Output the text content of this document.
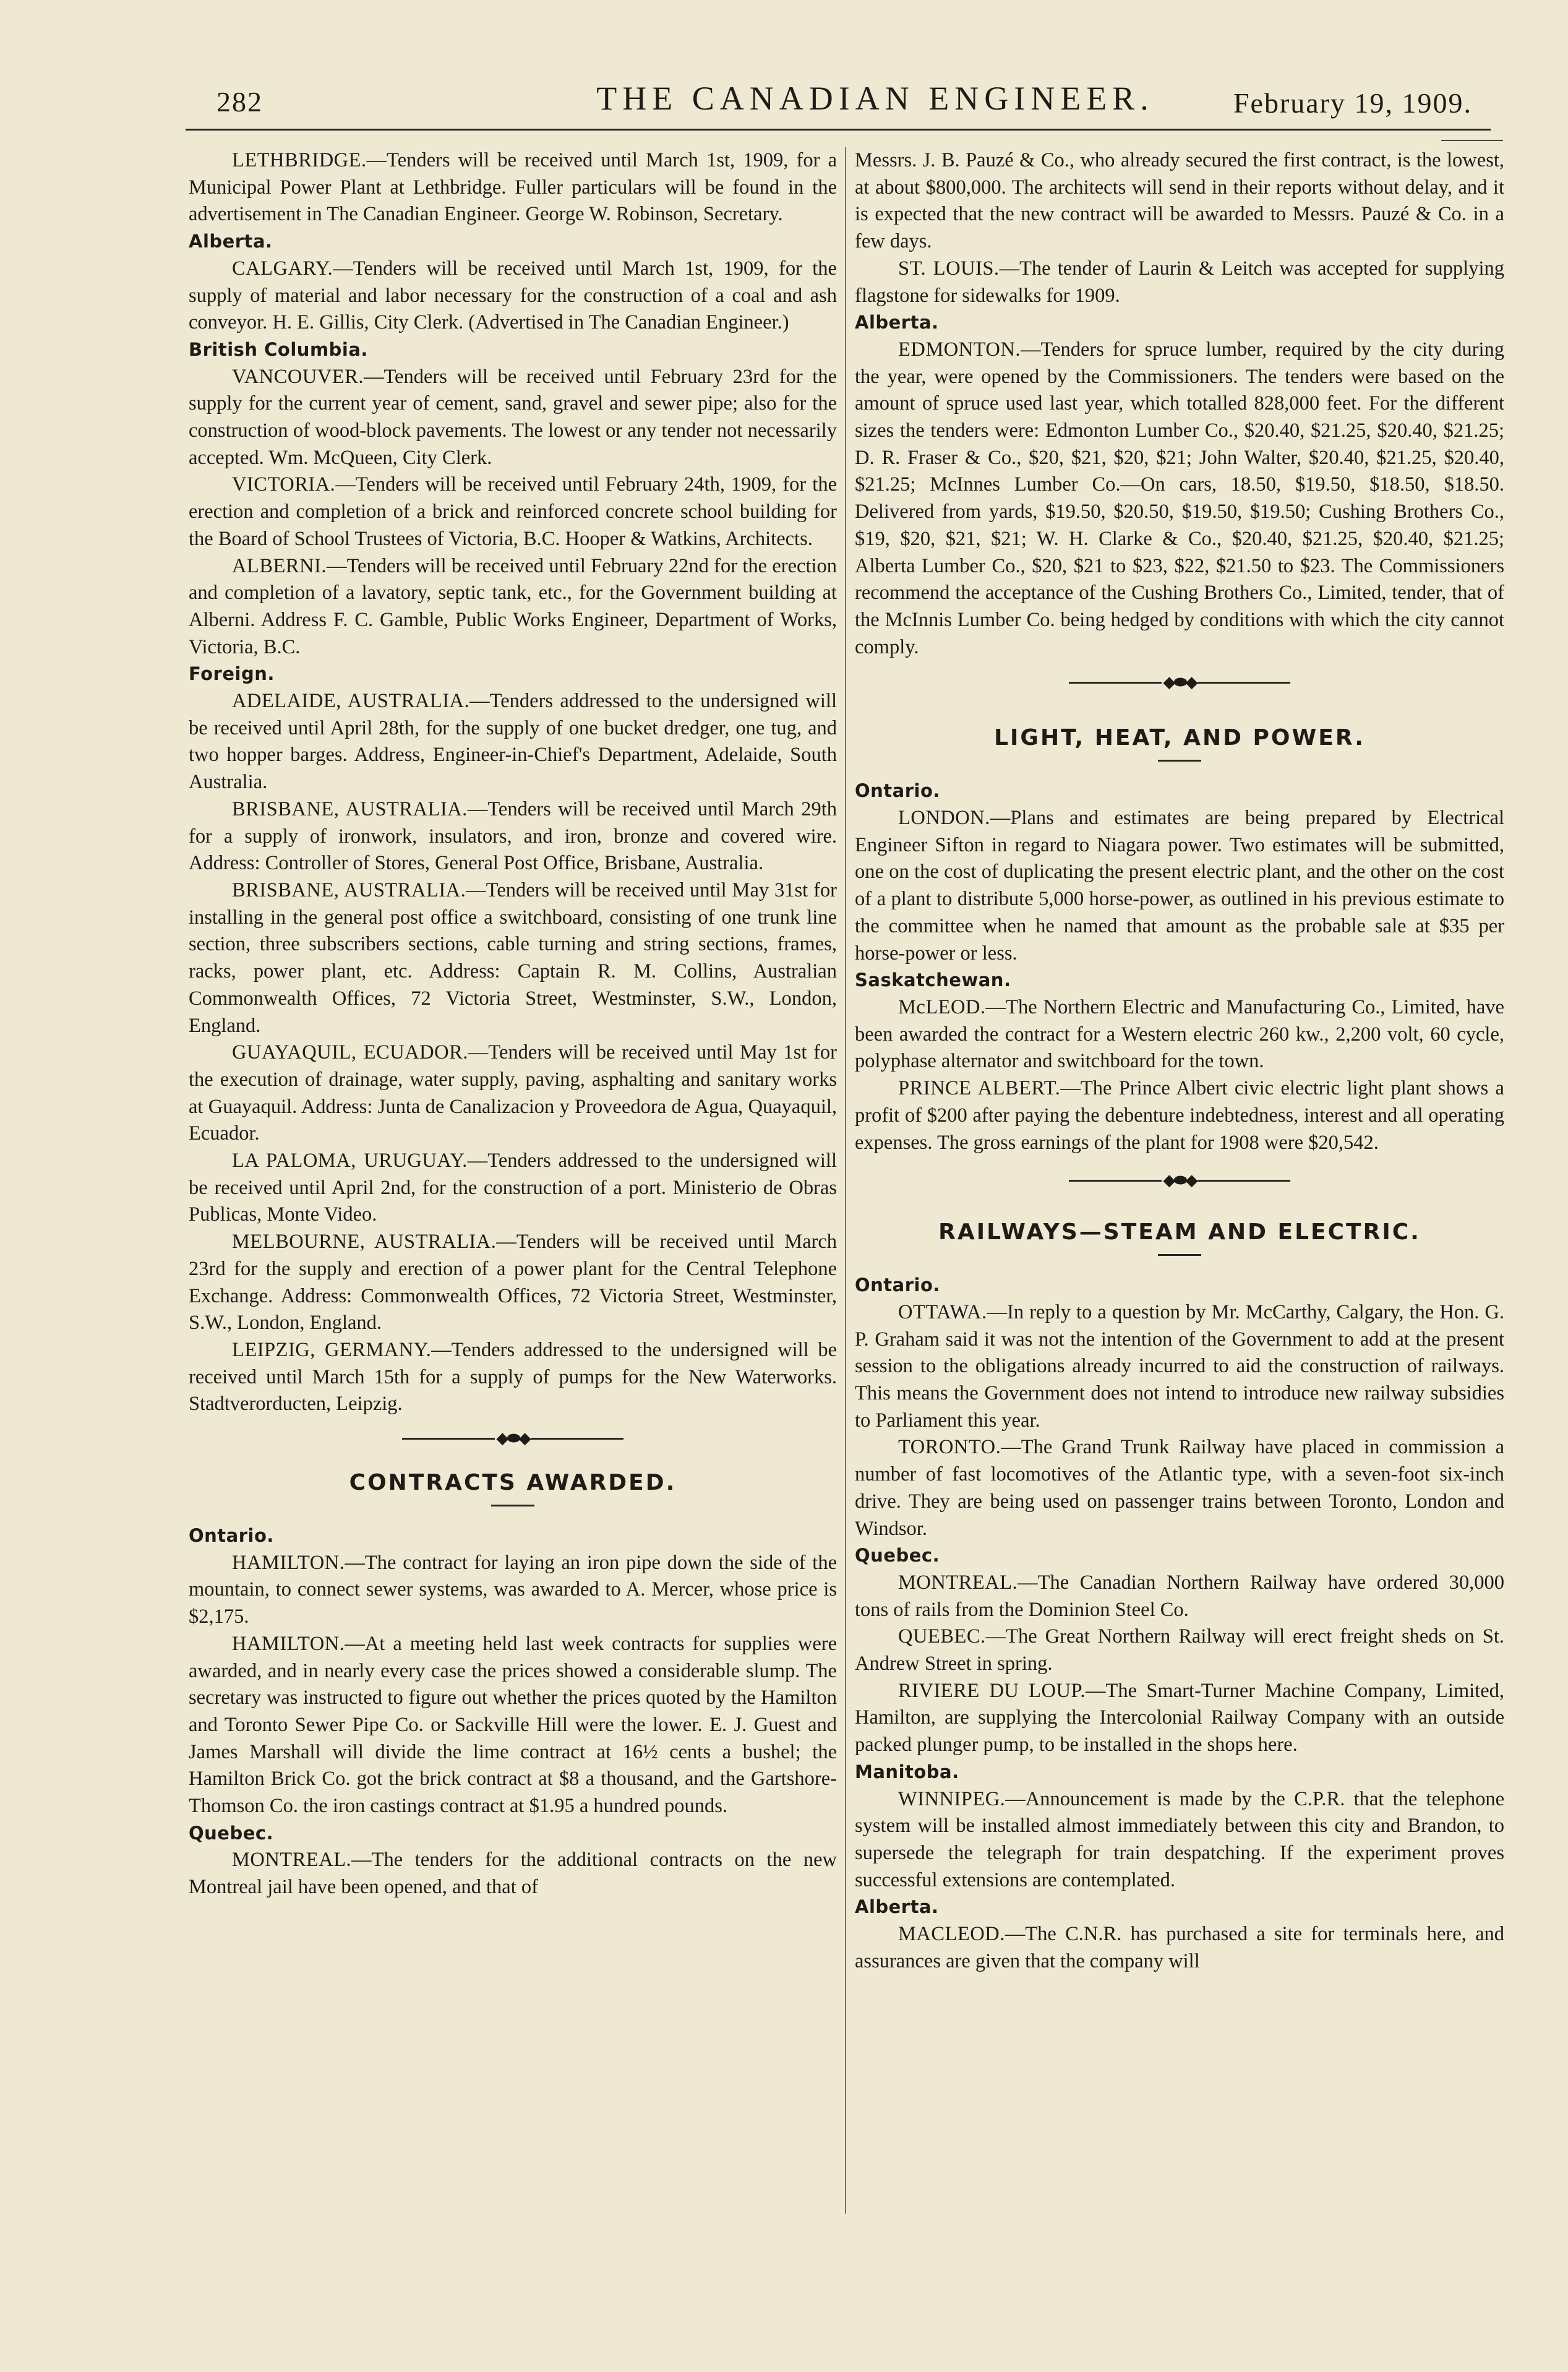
282	THE CANADIAN ENGINEER.	February 19, 1909.

LETHBRIDGE.—Tenders will be received until March 1st, 1909, for a Municipal Power Plant at Lethbridge. Fuller particulars will be found in the advertisement in The Canadian Engineer. George W. Robinson, Secretary.

Alberta.

CALGARY.—Tenders will be received until March 1st, 1909, for the supply of material and labor necessary for the construction of a coal and ash conveyor. H. E. Gillis, City Clerk. (Advertised in The Canadian Engineer.)

British Columbia.

VANCOUVER.—Tenders will be received until February 23rd for the supply for the current year of cement, sand, gravel and sewer pipe; also for the construction of wood-block pavements. The lowest or any tender not necessarily accepted. Wm. McQueen, City Clerk.

VICTORIA.—Tenders will be received until February 24th, 1909, for the erection and completion of a brick and reinforced concrete school building for the Board of School Trustees of Victoria, B.C. Hooper & Watkins, Architects.

ALBERNI.—Tenders will be received until February 22nd for the erection and completion of a lavatory, septic tank, etc., for the Government building at Alberni. Address F. C. Gamble, Public Works Engineer, Department of Works, Victoria, B.C.

Foreign.

ADELAIDE, AUSTRALIA.—Tenders addressed to the undersigned will be received until April 28th, for the supply of one bucket dredger, one tug, and two hopper barges. Address, Engineer-in-Chief's Department, Adelaide, South Australia.

BRISBANE, AUSTRALIA.—Tenders will be received until March 29th for a supply of ironwork, insulators, and iron, bronze and covered wire. Address: Controller of Stores, General Post Office, Brisbane, Australia.

BRISBANE, AUSTRALIA.—Tenders will be received until May 31st for installing in the general post office a switchboard, consisting of one trunk line section, three subscribers sections, cable turning and string sections, frames, racks, power plant, etc. Address: Captain R. M. Collins, Australian Commonwealth Offices, 72 Victoria Street, Westminster, S.W., London, England.

GUAYAQUIL, ECUADOR.—Tenders will be received until May 1st for the execution of drainage, water supply, paving, asphalting and sanitary works at Guayaquil. Address: Junta de Canalizacion y Proveedora de Agua, Quayaquil, Ecuador.

LA PALOMA, URUGUAY.—Tenders addressed to the undersigned will be received until April 2nd, for the construction of a port. Ministerio de Obras Publicas, Monte Video.

MELBOURNE, AUSTRALIA.—Tenders will be received until March 23rd for the supply and erection of a power plant for the Central Telephone Exchange. Address: Commonwealth Offices, 72 Victoria Street, Westminster, S.W., London, England.

LEIPZIG, GERMANY.—Tenders addressed to the undersigned will be received until March 15th for a supply of pumps for the New Waterworks. Stadtverorducten, Leipzig.

◆⬬◆
CONTRACTS AWARDED.
Ontario.

HAMILTON.—The contract for laying an iron pipe down the side of the mountain, to connect sewer systems, was awarded to A. Mercer, whose price is $2,175.

HAMILTON.—At a meeting held last week contracts for supplies were awarded, and in nearly every case the prices showed a considerable slump. The secretary was instructed to figure out whether the prices quoted by the Hamilton and Toronto Sewer Pipe Co. or Sackville Hill were the lower. E. J. Guest and James Marshall will divide the lime contract at 16½ cents a bushel; the Hamilton Brick Co. got the brick contract at $8 a thousand, and the Gartshore-Thomson Co. the iron castings contract at $1.95 a hundred pounds.

Quebec.

MONTREAL.—The tenders for the additional contracts on the new Montreal jail have been opened, and that of

Messrs. J. B. Pauzé & Co., who already secured the first contract, is the lowest, at about $800,000. The architects will send in their reports without delay, and it is expected that the new contract will be awarded to Messrs. Pauzé & Co. in a few days.

ST. LOUIS.—The tender of Laurin & Leitch was accepted for supplying flagstone for sidewalks for 1909.

Alberta.

EDMONTON.—Tenders for spruce lumber, required by the city during the year, were opened by the Commissioners. The tenders were based on the amount of spruce used last year, which totalled 828,000 feet. For the different sizes the tenders were: Edmonton Lumber Co., $20.40, $21.25, $20.40, $21.25; D. R. Fraser & Co., $20, $21, $20, $21; John Walter, $20.40, $21.25, $20.40, $21.25; McInnes Lumber Co.—On cars, 18.50, $19.50, $18.50, $18.50. Delivered from yards, $19.50, $20.50, $19.50, $19.50; Cushing Brothers Co., $19, $20, $21, $21; W. H. Clarke & Co., $20.40, $21.25, $20.40, $21.25; Alberta Lumber Co., $20, $21 to $23, $22, $21.50 to $23. The Commissioners recommend the acceptance of the Cushing Brothers Co., Limited, tender, that of the McInnis Lumber Co. being hedged by conditions with which the city cannot comply.

◆⬬◆
LIGHT, HEAT, AND POWER.
Ontario.

LONDON.—Plans and estimates are being prepared by Electrical Engineer Sifton in regard to Niagara power. Two estimates will be submitted, one on the cost of duplicating the present electric plant, and the other on the cost of a plant to distribute 5,000 horse-power, as outlined in his previous estimate to the committee when he named that amount as the probable sale at $35 per horse-power or less.

Saskatchewan.

McLEOD.—The Northern Electric and Manufacturing Co., Limited, have been awarded the contract for a Western electric 260 kw., 2,200 volt, 60 cycle, polyphase alternator and switchboard for the town.

PRINCE ALBERT.—The Prince Albert civic electric light plant shows a profit of $200 after paying the debenture indebtedness, interest and all operating expenses. The gross earnings of the plant for 1908 were $20,542.

◆⬬◆
RAILWAYS—STEAM AND ELECTRIC.
Ontario.

OTTAWA.—In reply to a question by Mr. McCarthy, Calgary, the Hon. G. P. Graham said it was not the intention of the Government to add at the present session to the obligations already incurred to aid the construction of railways. This means the Government does not intend to introduce new railway subsidies to Parliament this year.

TORONTO.—The Grand Trunk Railway have placed in commission a number of fast locomotives of the Atlantic type, with a seven-foot six-inch drive. They are being used on passenger trains between Toronto, London and Windsor.

Quebec.

MONTREAL.—The Canadian Northern Railway have ordered 30,000 tons of rails from the Dominion Steel Co.

QUEBEC.—The Great Northern Railway will erect freight sheds on St. Andrew Street in spring.

RIVIERE DU LOUP.—The Smart-Turner Machine Company, Limited, Hamilton, are supplying the Intercolonial Railway Company with an outside packed plunger pump, to be installed in the shops here.

Manitoba.

WINNIPEG.—Announcement is made by the C.P.R. that the telephone system will be installed almost immediately between this city and Brandon, to supersede the telegraph for train despatching. If the experiment proves successful extensions are contemplated.

Alberta.

MACLEOD.—The C.N.R. has purchased a site for terminals here, and assurances are given that the company will
